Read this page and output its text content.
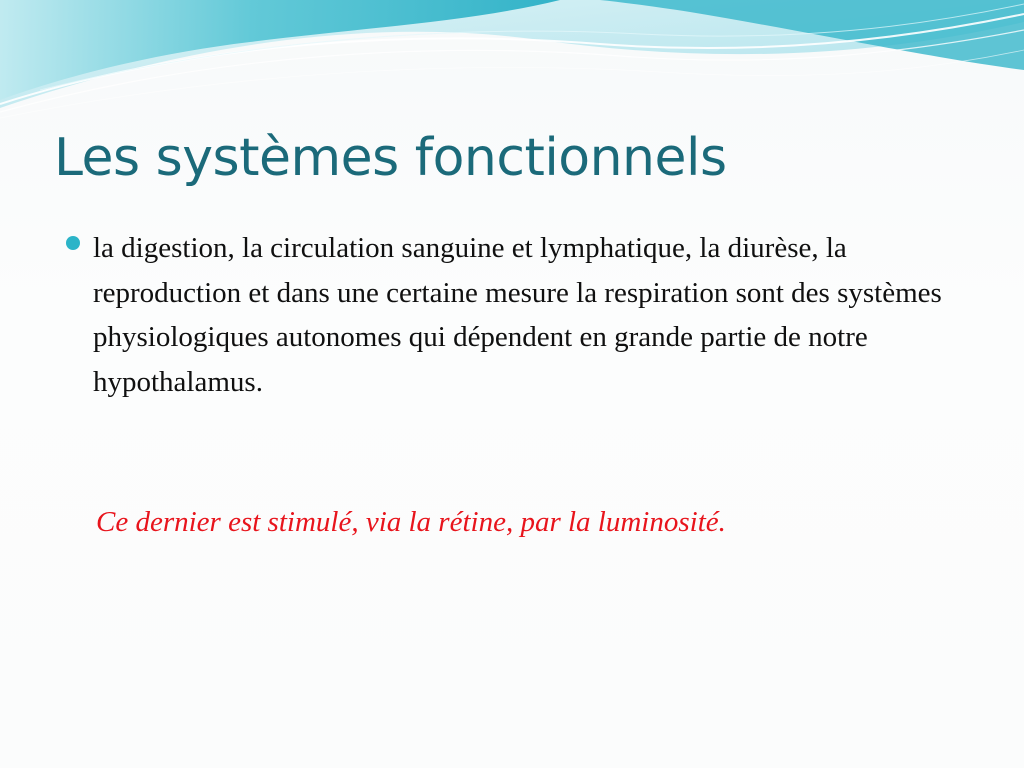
Les systèmes fonctionnels
la digestion, la circulation sanguine et lymphatique, la diurèse, la reproduction et dans une certaine mesure la respiration sont des systèmes physiologiques autonomes qui dépendent en grande partie de notre hypothalamus.

Ce dernier est stimulé, via la rétine, par la luminosité.
